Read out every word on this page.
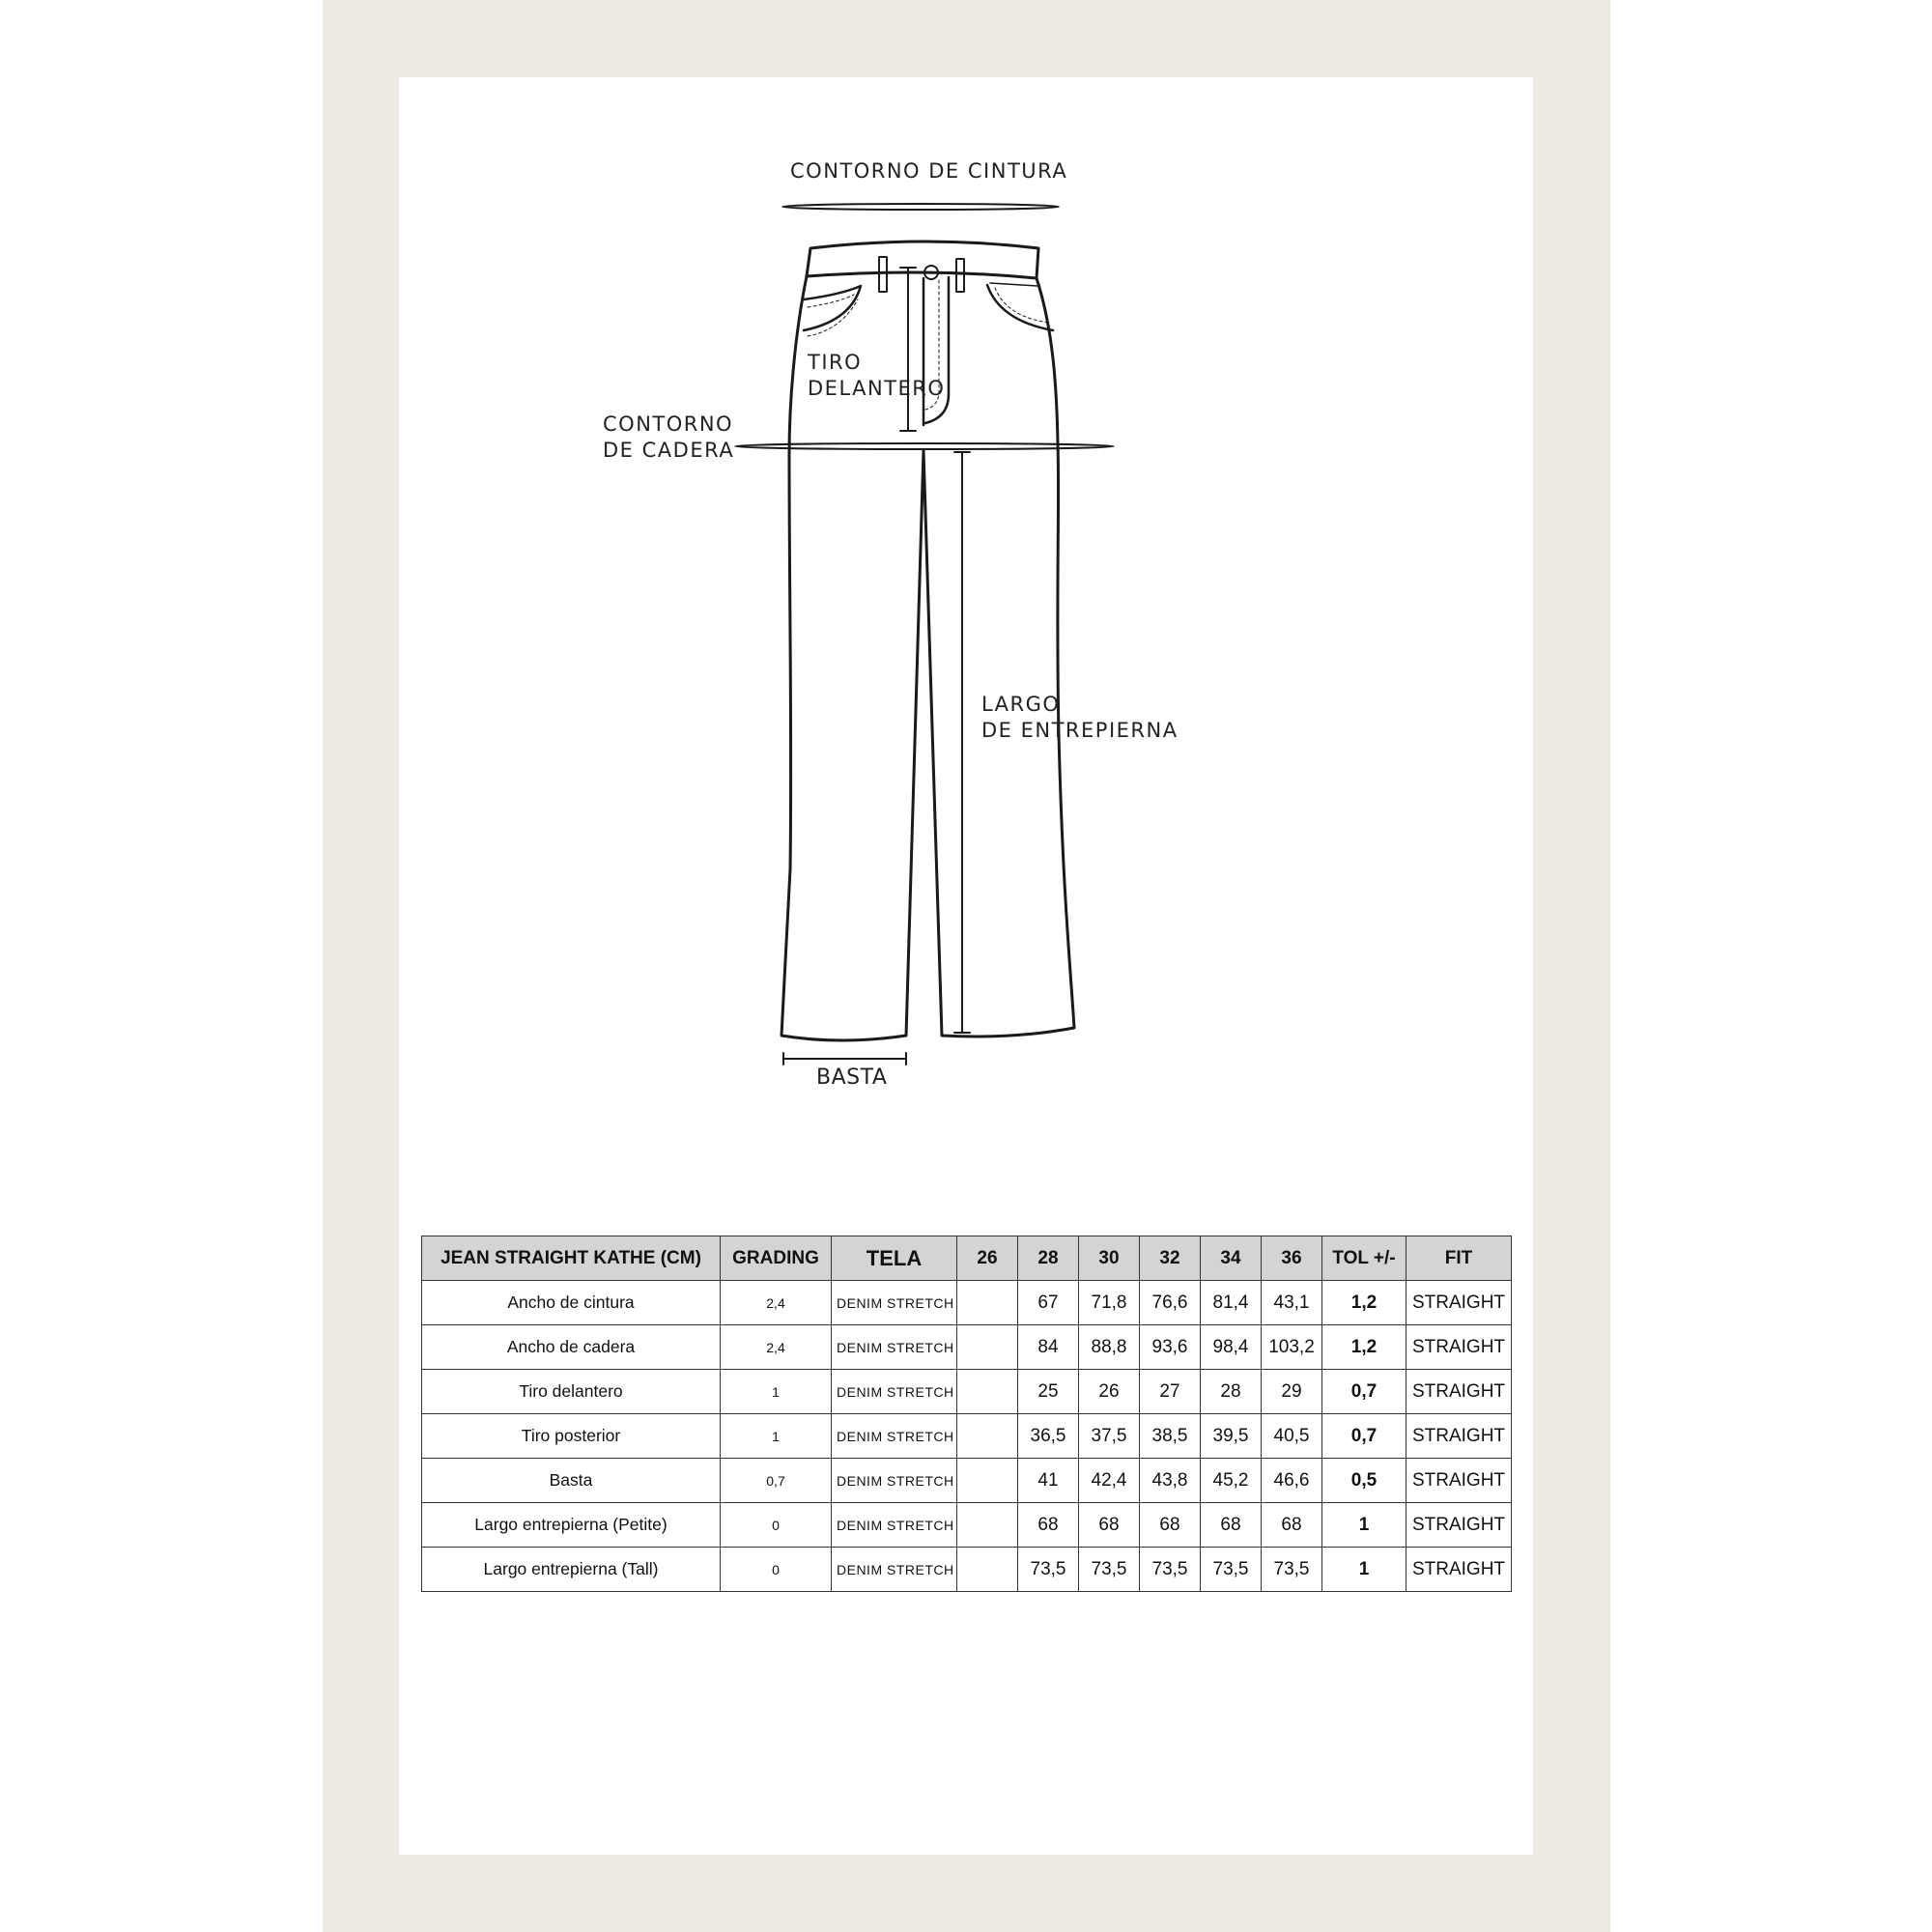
CONTORNO DE CINTURA
TIRO
DELANTERO
CONTORNO
DE CADERA
LARGO
DE ENTREPIERNA
BASTA
JEAN STRAIGHT KATHE (CM)	GRADING	TELA	26	28	30	32	34	36	TOL +/-	FIT
Ancho de cintura	2,4	DENIM STRETCH		67	71,8	76,6	81,4	43,1	1,2	STRAIGHT
Ancho de cadera	2,4	DENIM STRETCH		84	88,8	93,6	98,4	103,2	1,2	STRAIGHT
Tiro delantero	1	DENIM STRETCH		25	26	27	28	29	0,7	STRAIGHT
Tiro posterior	1	DENIM STRETCH		36,5	37,5	38,5	39,5	40,5	0,7	STRAIGHT
Basta	0,7	DENIM STRETCH		41	42,4	43,8	45,2	46,6	0,5	STRAIGHT
Largo entrepierna (Petite)	0	DENIM STRETCH		68	68	68	68	68	1	STRAIGHT
Largo entrepierna (Tall)	0	DENIM STRETCH		73,5	73,5	73,5	73,5	73,5	1	STRAIGHT
